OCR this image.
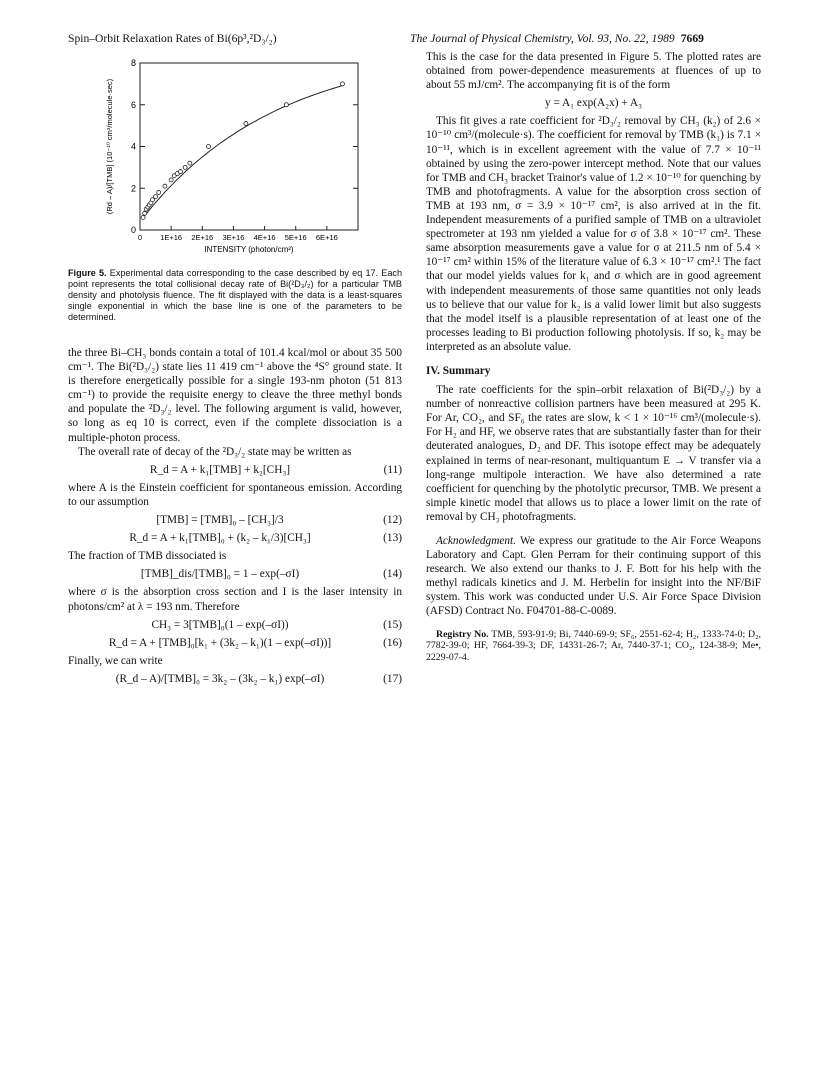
Spin–Orbit Relaxation Rates of Bi(6p³,²D₃/₂)	The Journal of Physical Chemistry, Vol. 93, No. 22, 1989 7669
0
2
4
6
8
0 1E+16 2E+16 3E+16 4E+16 5E+16 6E+16
INTENSITY (photon/cm²)
(Rd – A)/[TMB] (10⁻¹⁰ cm³/molecule·sec)
Figure 5. Experimental data corresponding to the case described by eq 17. Each point represents the total collisional decay rate of Bi(²D₃/₂) for a particular TMB density and photolysis fluence. The fit displayed with the data is a least-squares single exponential in which the base line is one of the parameters to be determined.

the three Bi–CH₃ bonds contain a total of 101.4 kcal/mol or about 35 500 cm⁻¹. The Bi(²D₃/₂) state lies 11 419 cm⁻¹ above the ⁴S° ground state. It is therefore energetically possible for a single 193-nm photon (51 813 cm⁻¹) to provide the requisite energy to cleave the three methyl bonds and populate the ²D₃/₂ level. The following argument is valid, however, so long as eq 10 is correct, even if the complete dissociation is a multiple-photon process.

The overall rate of decay of the ²D₃/₂ state may be written as

R_d = A + k₁[TMB] + k₂[CH₃]	(11)

where A is the Einstein coefficient for spontaneous emission. According to our assumption

[TMB] = [TMB]₀ – [CH₃]/3	(12)
R_d = A + k₁[TMB]₀ + (k₂ – k₁/3)[CH₃]	(13)

The fraction of TMB dissociated is

[TMB]_dis/[TMB]₀ = 1 – exp(–σI)	(14)

where σ is the absorption cross section and I is the laser intensity in photons/cm² at λ = 193 nm. Therefore

CH₃ = 3[TMB]₀(1 – exp(–σI))	(15)
R_d = A + [TMB]₀[k₁ + (3k₂ – k₁)(1 – exp(–σI))]	(16)

Finally, we can write

(R_d – A)/[TMB]₀ = 3k₂ – (3k₂ – k₁) exp(–σI)	(17)

This is the case for the data presented in Figure 5. The plotted rates are obtained from power-dependence measurements at fluences of up to about 55 mJ/cm². The accompanying fit is of the form

y = A₁ exp(A₂x) + A₃

This fit gives a rate coefficient for ²D₃/₂ removal by CH₃ (k₂) of 2.6 × 10⁻¹⁰ cm³/(molecule·s). The coefficient for removal by TMB (k₁) is 7.1 × 10⁻¹¹, which is in excellent agreement with the value of 7.7 × 10⁻¹¹ obtained by using the zero-power intercept method. Note that our values for TMB and CH₃ bracket Trainor's value of 1.2 × 10⁻¹⁰ for quenching by TMB and photofragments. A value for the absorption cross section of TMB at 193 nm, σ = 3.9 × 10⁻¹⁷ cm², is also arrived at in the fit. Independent measurements of a purified sample of TMB on a ultraviolet spectrometer at 193 nm yielded a value for σ of 3.8 × 10⁻¹⁷ cm². These same absorption measurements gave a value for σ at 211.5 nm of 5.4 × 10⁻¹⁷ cm² within 15% of the literature value of 6.3 × 10⁻¹⁷ cm².¹ The fact that our model yields values for k₁ and σ which are in good agreement with independent measurements of those same quantities not only leads us to believe that our value for k₂ is a valid lower limit but also suggests that the model itself is a plausible representation of at least one of the processes leading to Bi production following photolysis. If so, k₂ may be interpreted as an absolute value.

IV. Summary

The rate coefficients for the spin–orbit relaxation of Bi(²D₃/₂) by a number of nonreactive collision partners have been measured at 295 K. For Ar, CO₂, and SF₆ the rates are slow, k < 1 × 10⁻¹⁶ cm³/(molecule·s). For H₂ and HF, we observe rates that are substantially faster than for their deuterated analogues, D₂ and DF. This isotope effect may be adequately explained in terms of near-resonant, multiquantum E → V transfer via a long-range multipole interaction. We have also determined a rate coefficient for quenching by the photolytic precursor, TMB. We present a simple kinetic model that allows us to place a lower limit on the rate of removal by CH₃ photofragments.

Acknowledgment. We express our gratitude to the Air Force Weapons Laboratory and Capt. Glen Perram for their continuing support of this research. We also extend our thanks to J. F. Bott for his help with the methyl radicals kinetics and J. M. Herbelin for insight into the NF/BiF system. This work was conducted under U.S. Air Force Space Division (AFSD) Contract No. F04701-88-C-0089.

Registry No. TMB, 593-91-9; Bi, 7440-69-9; SF₆, 2551-62-4; H₂, 1333-74-0; D₂, 7782-39-0; HF, 7664-39-3; DF, 14331-26-7; Ar, 7440-37-1; CO₂, 124-38-9; Me•, 2229-07-4.
